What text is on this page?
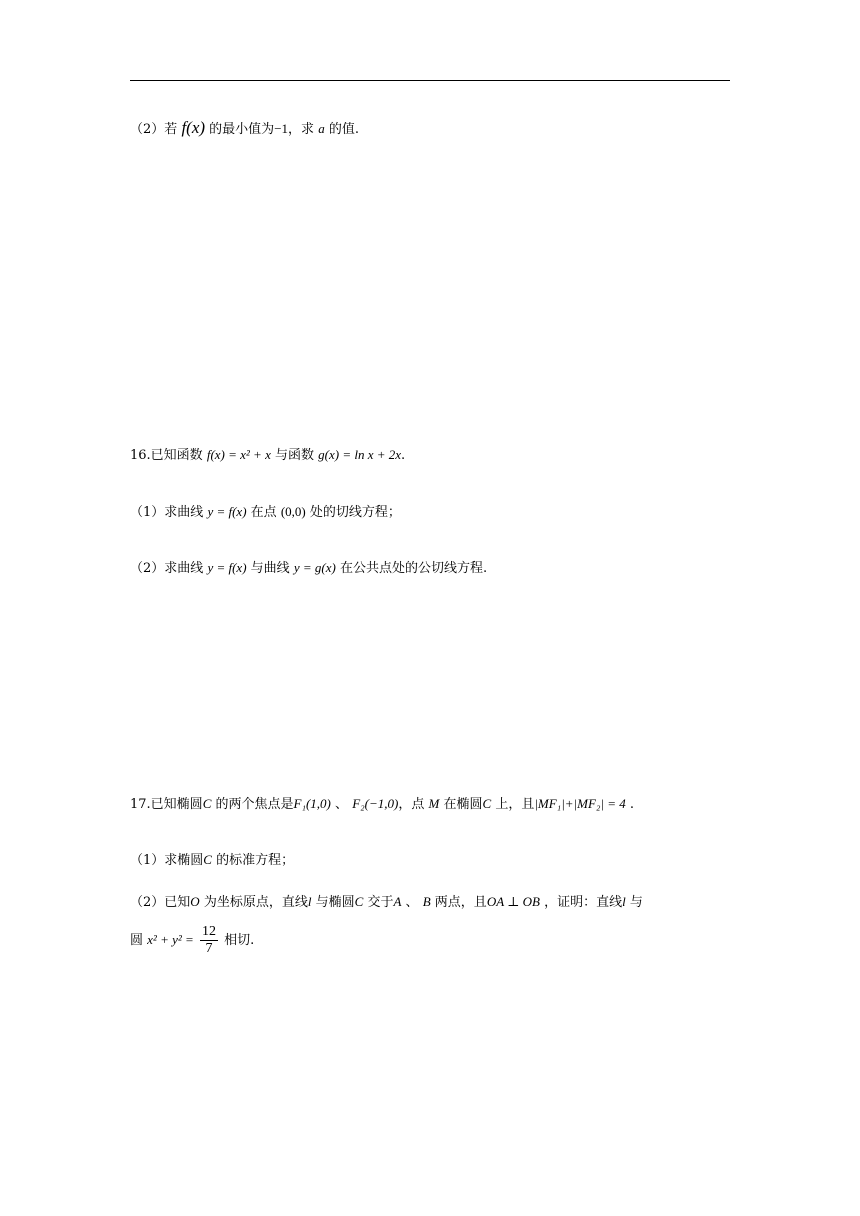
（2）若 f(x) 的最小值为−1，求 a 的值.
16.已知函数 f(x) = x² + x 与函数 g(x) = ln x + 2x.
（1）求曲线 y = f(x) 在点 (0,0) 处的切线方程；
（2）求曲线 y = f(x) 与曲线 y = g(x) 在公共点处的公切线方程.
17.已知椭圆C 的两个焦点是F₁(1,0) 、 F₂(−1,0)，点 M 在椭圆C 上，且|MF₁|+|MF₂| = 4 .
（1）求椭圆C 的标准方程；
（2）已知O 为坐标原点，直线l 与椭圆C 交于A 、 B 两点，且OA ⊥ OB ，证明：直线l 与
圆 $x^2 + y^2 = \frac{12}{7}$ 相切.
